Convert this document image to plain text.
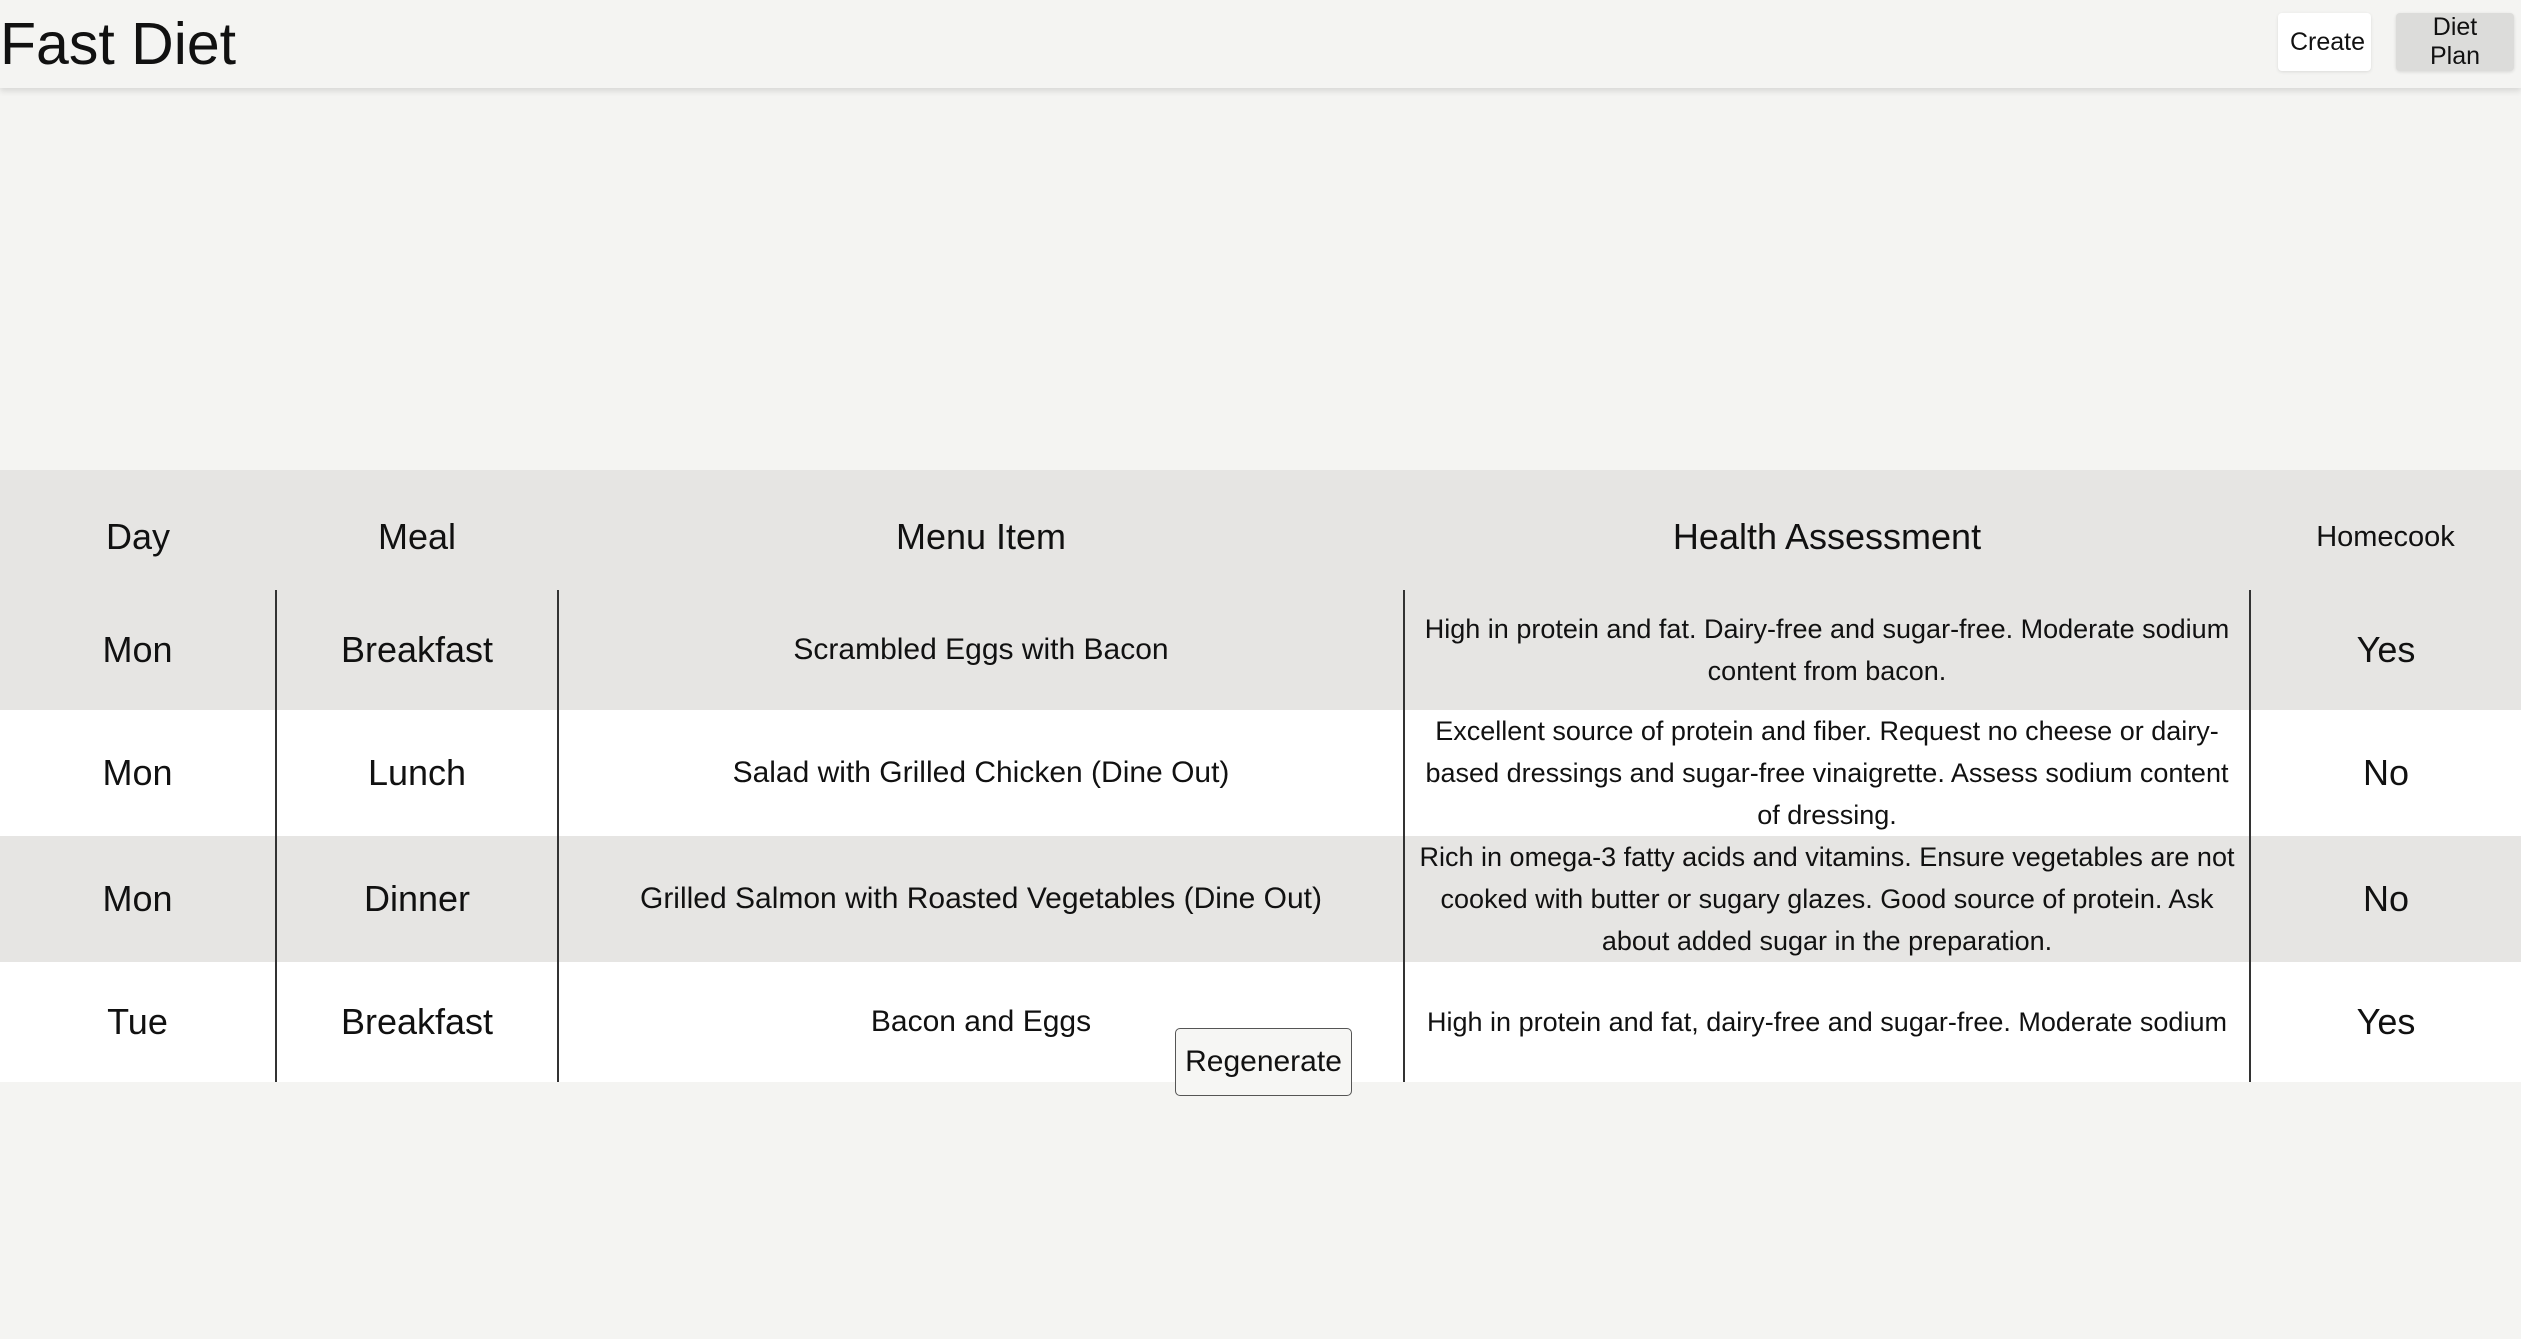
Fast Diet	Create
Diet Plan
Day	Meal	Menu Item	Health Assessment	Homecook
Mon	Breakfast	Scrambled Eggs with Bacon	High in protein and fat. Dairy-free and sugar-free. Moderate sodium content from bacon.	Yes
Mon	Lunch	Salad with Grilled Chicken (Dine Out)	Excellent source of protein and fiber. Request no cheese or dairy-based dressings and sugar-free vinaigrette. Assess sodium content of dressing.	No
Mon	Dinner	Grilled Salmon with Roasted Vegetables (Dine Out)	Rich in omega-3 fatty acids and vitamins. Ensure vegetables are not cooked with butter or sugary glazes. Good source of protein. Ask about added sugar in the preparation.	No
Tue	Breakfast	Bacon and Eggs	High in protein and fat, dairy-free and sugar-free. Moderate sodium	Yes
Regenerate
